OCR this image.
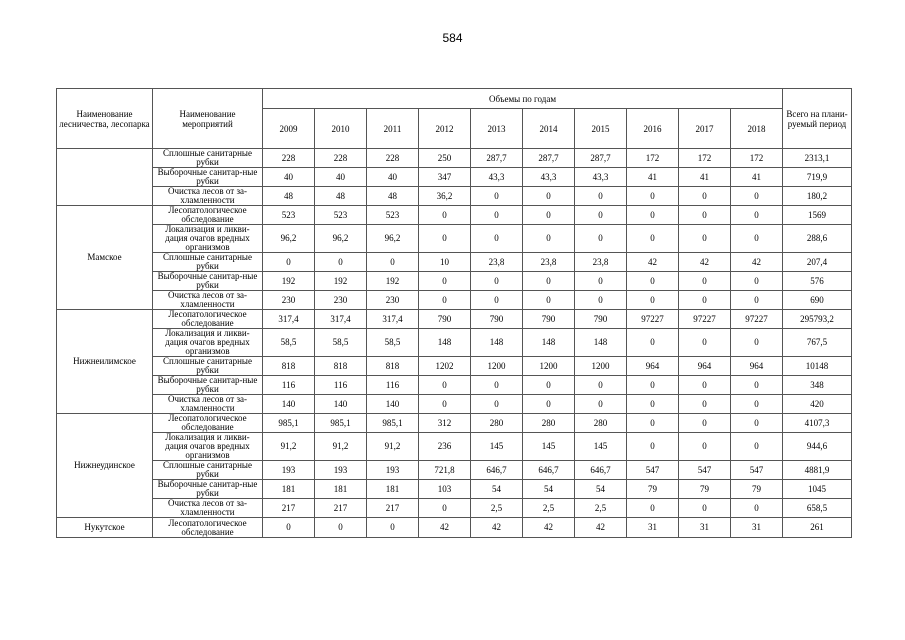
584
Наименование лесничества, лесопарка	Наименование мероприятий	Объемы по годам										Всего на плани-руемый период
		2009	2010	2011	2012	2013	2014	2015	2016	2017	2018	
	Сплошные санитарные рубки	228	228	228	250	287,7	287,7	287,7	172	172	172	2313,1
	Выборочные санитар-ные рубки	40	40	40	347	43,3	43,3	43,3	41	41	41	719,9
	Очистка лесов от за-хламленности	48	48	48	36,2	0	0	0	0	0	0	180,2
Мамское	Лесопатологическое обследование	523	523	523	0	0	0	0	0	0	0	1569
	Локализация и ликви-дация очагов вредных организмов	96,2	96,2	96,2	0	0	0	0	0	0	0	288,6
	Сплошные санитарные рубки	0	0	0	10	23,8	23,8	23,8	42	42	42	207,4
	Выборочные санитар-ные рубки	192	192	192	0	0	0	0	0	0	0	576
	Очистка лесов от за-хламленности	230	230	230	0	0	0	0	0	0	0	690
Нижнеилимское	Лесопатологическое обследование	317,4	317,4	317,4	790	790	790	790	97227	97227	97227	295793,2
	Локализация и ликви-дация очагов вредных организмов	58,5	58,5	58,5	148	148	148	148	0	0	0	767,5
	Сплошные санитарные рубки	818	818	818	1202	1200	1200	1200	964	964	964	10148
	Выборочные санитар-ные рубки	116	116	116	0	0	0	0	0	0	0	348
	Очистка лесов от за-хламленности	140	140	140	0	0	0	0	0	0	0	420
Нижнеудинское	Лесопатологическое обследование	985,1	985,1	985,1	312	280	280	280	0	0	0	4107,3
	Локализация и ликви-дация очагов вредных организмов	91,2	91,2	91,2	236	145	145	145	0	0	0	944,6
	Сплошные санитарные рубки	193	193	193	721,8	646,7	646,7	646,7	547	547	547	4881,9
	Выборочные санитар-ные рубки	181	181	181	103	54	54	54	79	79	79	1045
	Очистка лесов от за-хламленности	217	217	217	0	2,5	2,5	2,5	0	0	0	658,5
Нукутское	Лесопатологическое обследование	0	0	0	42	42	42	42	31	31	31	261
